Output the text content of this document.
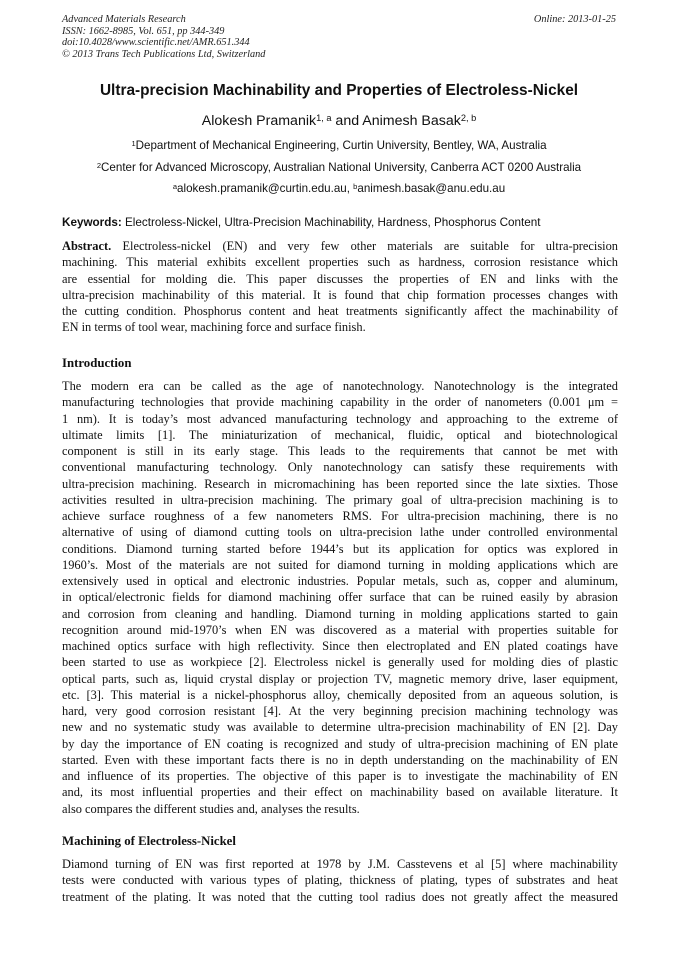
Advanced Materials Research
ISSN: 1662-8985, Vol. 651, pp 344-349
doi:10.4028/www.scientific.net/AMR.651.344
© 2013 Trans Tech Publications Ltd, Switzerland
Online: 2013-01-25
Ultra-precision Machinability and Properties of Electroless-Nickel
Alokesh Pramanik$^{1, a}$ and Animesh Basak$^{2, b}$
$^1$Department of Mechanical Engineering, Curtin University, Bentley, WA, Australia
$^2$Center for Advanced Microscopy, Australian National University, Canberra ACT 0200 Australia
$^a$alokesh.pramanik@curtin.edu.au, $^b$animesh.basak@anu.edu.au
Keywords: Electroless-Nickel, Ultra-Precision Machinability, Hardness, Phosphorus Content
Abstract. Electroless-nickel (EN) and very few other materials are suitable for ultra-precision
machining. This material exhibits excellent properties such as hardness, corrosion resistance which
are essential for molding die. This paper discusses the properties of EN and links with the
ultra-precision machinability of this material. It is found that chip formation processes changes with
the cutting condition. Phosphorus content and heat treatments significantly affect the machinability of
EN in terms of tool wear, machining force and surface finish.
Introduction
The modern era can be called as the age of nanotechnology. Nanotechnology is the integrated
manufacturing technologies that provide machining capability in the order of nanometers (0.001 μm =
1 nm). It is today’s most advanced manufacturing technology and approaching to the extreme of
ultimate limits [1]. The miniaturization of mechanical, fluidic, optical and biotechnological
component is still in its early stage. This leads to the requirements that cannot be met with
conventional manufacturing technology. Only nanotechnology can satisfy these requirements with
ultra-precision machining. Research in micromachining has been reported since the late sixties. Those
activities resulted in ultra-precision machining. The primary goal of ultra-precision machining is to
achieve surface roughness of a few nanometers RMS. For ultra-precision machining, there is no
alternative of using of diamond cutting tools on ultra-precision lathe under controlled environmental
conditions. Diamond turning started before 1944’s but its application for optics was explored in
1960’s. Most of the materials are not suited for diamond turning in molding applications which are
extensively used in optical and electronic industries. Popular metals, such as, copper and aluminum,
in optical/electronic fields for diamond machining offer surface that can be ruined easily by abrasion
and corrosion from cleaning and handling. Diamond turning in molding applications started to gain
recognition around mid-1970’s when EN was discovered as a material with properties suitable for
machined optics surface with high reflectivity. Since then electroplated and EN plated coatings have
been started to use as workpiece [2]. Electroless nickel is generally used for molding dies of plastic
optical parts, such as, liquid crystal display or projection TV, magnetic memory drive, laser equipment,
etc. [3]. This material is a nickel-phosphorus alloy, chemically deposited from an aqueous solution, is
hard, very good corrosion resistant [4]. At the very beginning precision machining technology was
new and no systematic study was available to determine ultra-precision machinability of EN [2]. Day
by day the importance of EN coating is recognized and study of ultra-precision machining of EN plate
started. Even with these important facts there is no in depth understanding on the machinability of EN
and influence of its properties. The objective of this paper is to investigate the machinability of EN
and, its most influential properties and their effect on machinability based on available literature. It
also compares the different studies and, analyses the results.
Machining of Electroless-Nickel
Diamond turning of EN was first reported at 1978 by J.M. Casstevens et al [5] where machinability
tests were conducted with various types of plating, thickness of plating, types of substrates and heat
treatment of the plating. It was noted that the cutting tool radius does not greatly affect the measured
